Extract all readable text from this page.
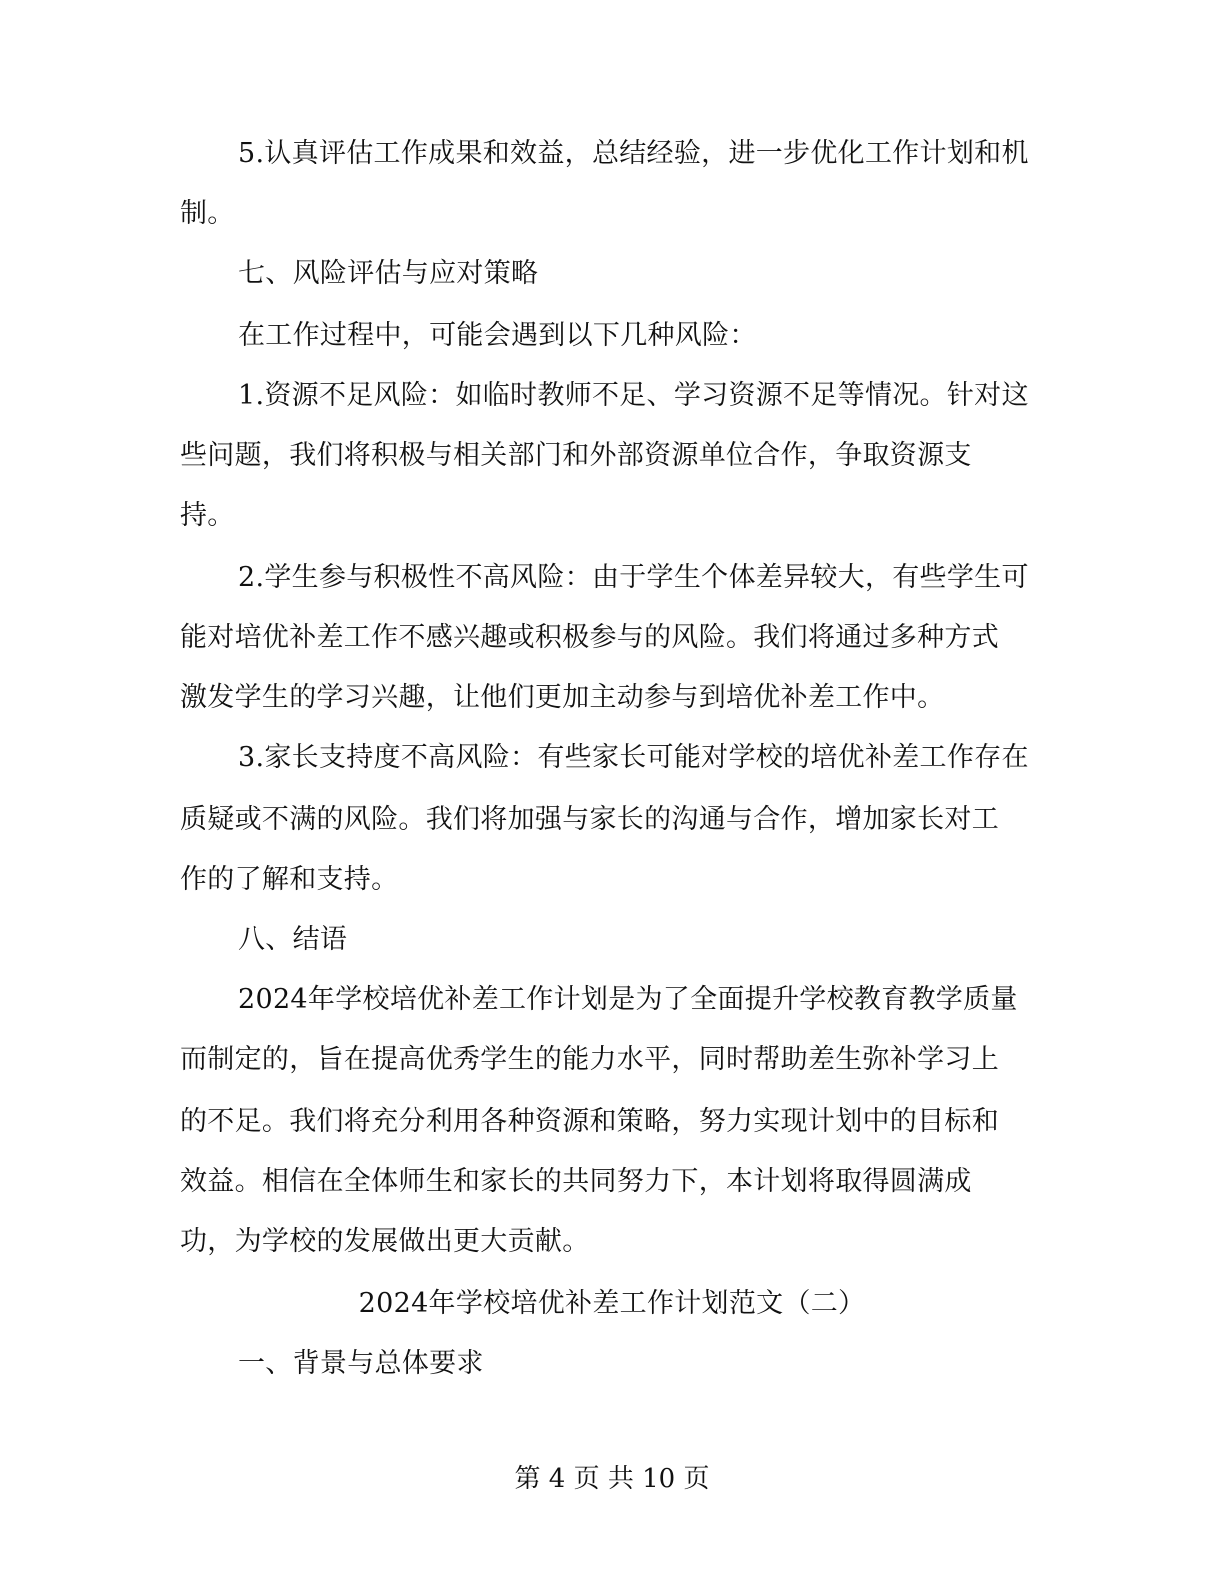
5.认真评估工作成果和效益，总结经验，进一步优化工作计划和机
制。
七、风险评估与应对策略
在工作过程中，可能会遇到以下几种风险：
1.资源不足风险：如临时教师不足、学习资源不足等情况。针对这
些问题，我们将积极与相关部门和外部资源单位合作，争取资源支
持。
2.学生参与积极性不高风险：由于学生个体差异较大，有些学生可
能对培优补差工作不感兴趣或积极参与的风险。我们将通过多种方式
激发学生的学习兴趣，让他们更加主动参与到培优补差工作中。
3.家长支持度不高风险：有些家长可能对学校的培优补差工作存在
质疑或不满的风险。我们将加强与家长的沟通与合作，增加家长对工
作的了解和支持。
八、结语
2024年学校培优补差工作计划是为了全面提升学校教育教学质量
而制定的，旨在提高优秀学生的能力水平，同时帮助差生弥补学习上
的不足。我们将充分利用各种资源和策略，努力实现计划中的目标和
效益。相信在全体师生和家长的共同努力下，本计划将取得圆满成
功，为学校的发展做出更大贡献。
2024年学校培优补差工作计划范文（二）
一、背景与总体要求
第 4 页 共 10 页
